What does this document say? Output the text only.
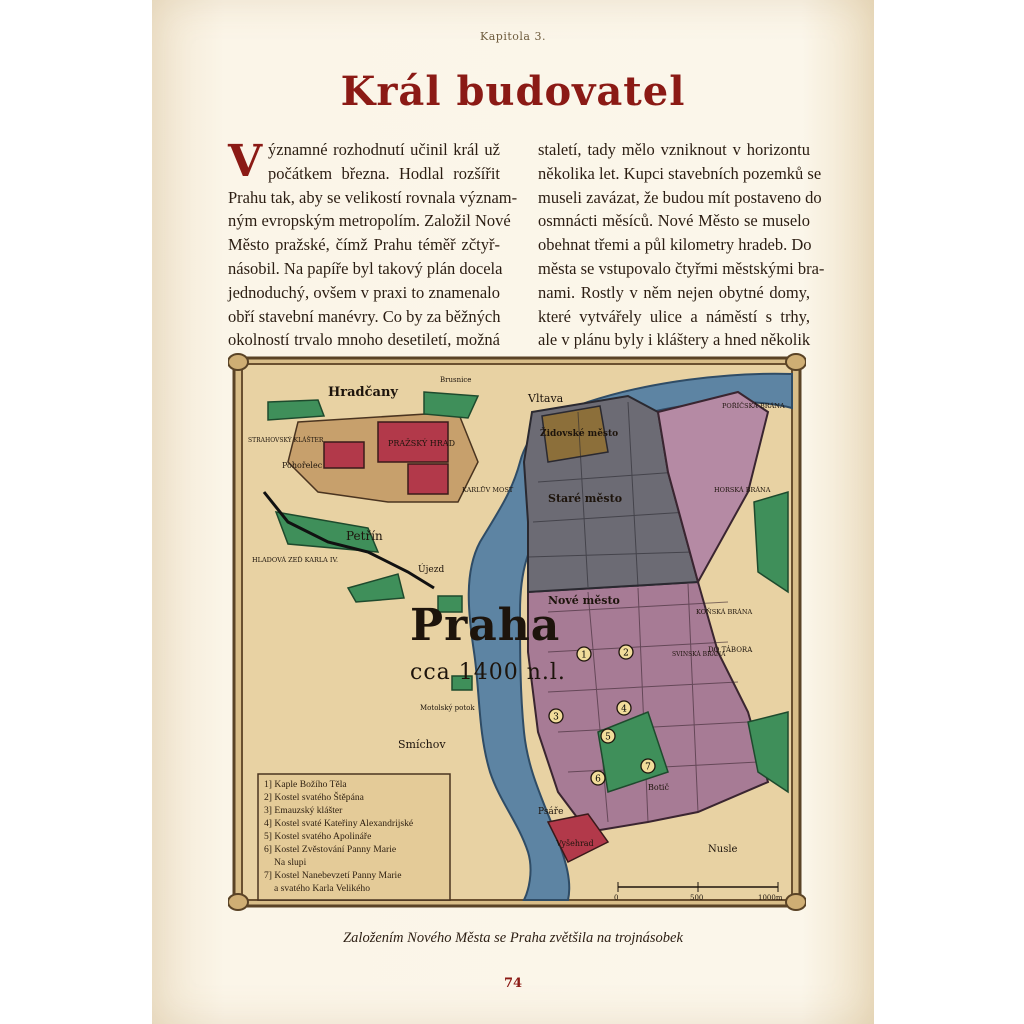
Kapitola 3.
Král budovatel
V ýznamné rozhodnutí učinil král už
počátkem března. Hodlal rozšířit
Prahu tak, aby se velikostí rovnala význam-
ným evropským metropolím. Založil Nové
Město pražské, čímž Prahu téměř zčtyř-
násobil. Na papíře byl takový plán docela
jednoduchý, ovšem v praxi to znamenalo
obří stavební manévry. Co by za běžných
okolností trvalo mnoho desetiletí, možná
staletí, tady mělo vzniknout v horizontu
několika let. Kupci stavebních pozemků se
museli zavázat, že budou mít postaveno do
osmnácti měsíců. Nové Město se muselo
obehnat třemi a půl kilometry hradeb. Do
města se vstupovalo čtyřmi městskými bra-
nami. Rostly v něm nejen obytné domy,
které vytvářely ulice a náměstí s trhy,
ale v plánu byly i kláštery a hned několik
Hradčany
PRAŽSKÝ HRAD
Brusnice
Vltava
Židovské město
POŘÍČSKÁ BRÁNA
HORSKÁ BRÁNA
STRAHOVSKÝ KLÁŠTER
Pohořelec
KARLŮV MOST
Staré město
Petřín
HLADOVÁ ZEĎ KARLA IV.
Újezd
Nové město
KOŇSKÁ BRÁNA
SVINSKÁ BRÁNA
DO TÁBORA
Motolský potok
Smíchov
Botič
Psáře
Vyšehrad
Nusle
1	2
3
4
5
6
7
0	500	1000m
Praha
cca 1400 n.l.
1] Kaple Božího Těla
2] Kostel svatého Štěpána
3] Emauzský klášter
4] Kostel svaté Kateřiny Alexandrijské
5] Kostel svatého Apolináře
6] Kostel Zvěstování Panny Marie
Na slupi
7] Kostel Nanebevzetí Panny Marie
a svatého Karla Velikého
Založením Nového Města se Praha zvětšila na trojnásobek
74
